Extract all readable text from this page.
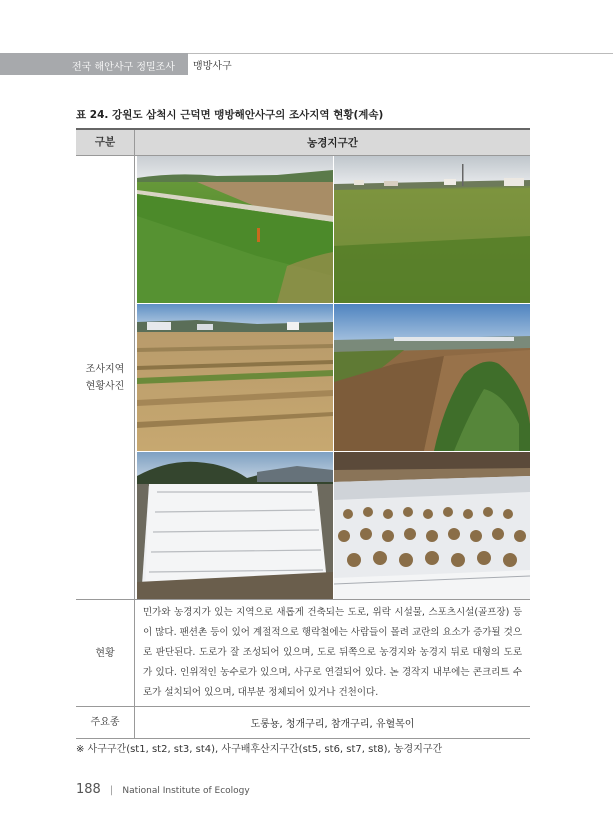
전국 해안사구 정밀조사 맹방사구
표 24. 강원도 삼척시 근덕면 맹방해안사구의 조사지역 현황(계속)
구분	농경지구간
조사지역
현황사진	

현황	민가와 농경지가 있는 지역으로 새롭게 건축되는 도로, 위락 시설물, 스포츠시설(골프장) 등이 많다. 팬션촌 등이 있어 계절적으로 행락철에는 사람들이 몰려 교란의 요소가 증가될 것으로 판단된다. 도로가 잘 조성되어 있으며, 도로 뒤쪽으로 농경지와 농경지 뒤로 대형의 도로가 있다. 인위적인 농수로가 있으며, 사구로 연결되어 있다. 논 경작지 내부에는 콘크리트 수로가 설치되어 있으며, 대부분 정체되어 있거나 건천이다.
주요종	도롱뇽, 청개구리, 참개구리, 유혈목이
※ 사구구간(st1, st2, st3, st4), 사구배후산지구간(st5, st6, st7, st8), 농경지구간
188 | National Institute of Ecology
